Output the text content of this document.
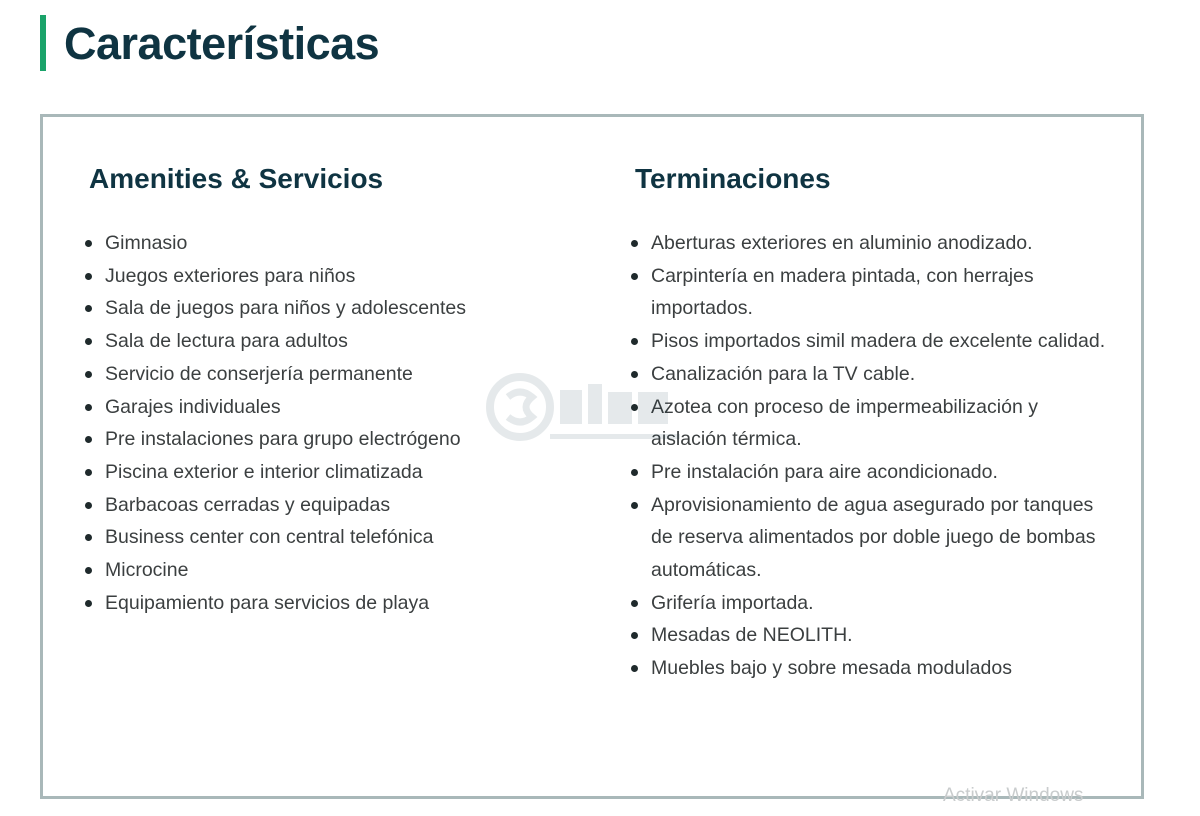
Características
Amenities & Servicios
Gimnasio
Juegos exteriores para niños
Sala de juegos para niños y adolescentes
Sala de lectura para adultos
Servicio de conserjería permanente
Garajes individuales
Pre instalaciones para grupo electrógeno
Piscina exterior e interior climatizada
Barbacoas cerradas y equipadas
Business center con central telefónica
Microcine
Equipamiento para servicios de playa
Terminaciones
Aberturas exteriores en aluminio anodizado.
Carpintería en madera pintada, con herrajes importados.
Pisos importados simil madera de excelente calidad.
Canalización para la TV cable.
Azotea con proceso de impermeabilización y aislación térmica.
Pre instalación para aire acondicionado.
Aprovisionamiento de agua asegurado por tanques de reserva alimentados por doble juego de bombas automáticas.
Grifería importada.
Mesadas de NEOLITH.
Muebles bajo y sobre mesada modulados
Activar Windows
